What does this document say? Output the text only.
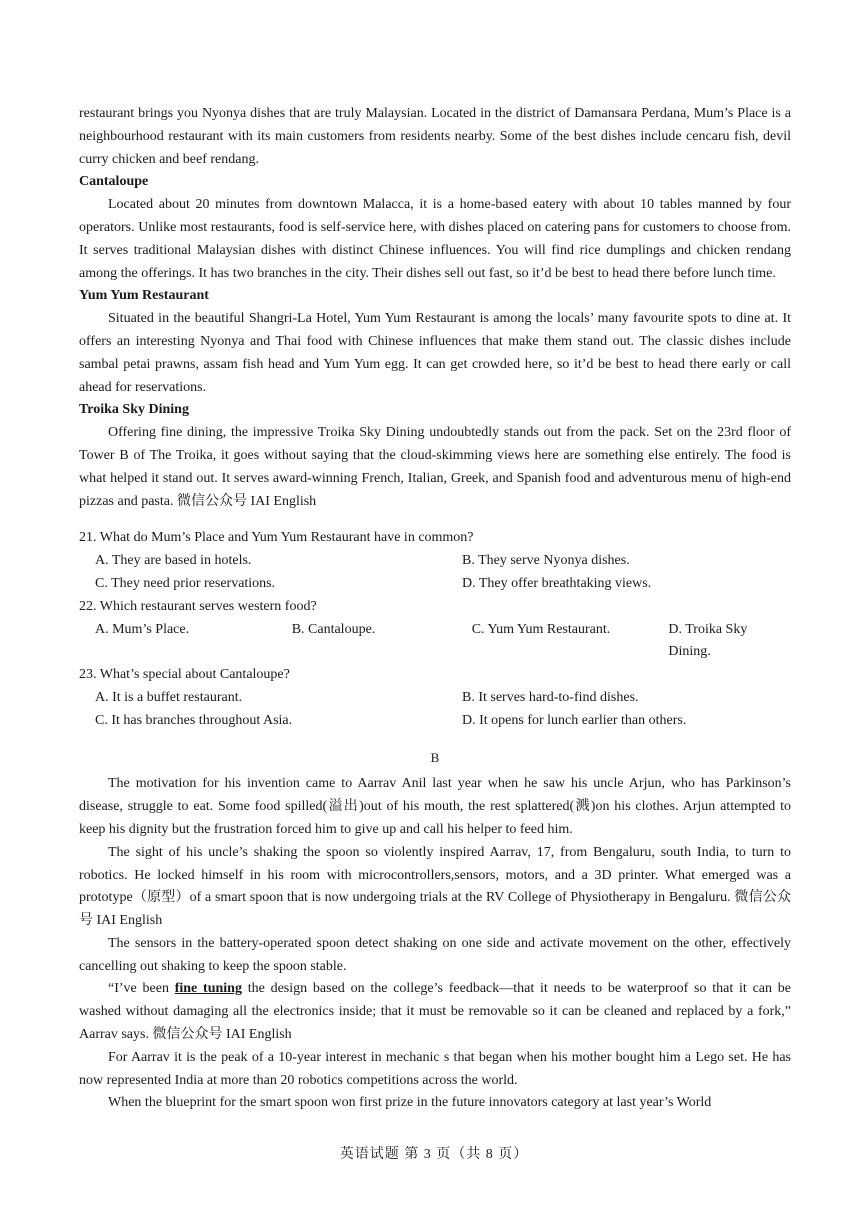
restaurant brings you Nyonya dishes that are truly Malaysian. Located in the district of Damansara Perdana, Mum’s Place is a neighbourhood restaurant with its main customers from residents nearby. Some of the best dishes include cencaru fish, devil curry chicken and beef rendang.

Cantaloupe

Located about 20 minutes from downtown Malacca, it is a home-based eatery with about 10 tables manned by four operators. Unlike most restaurants, food is self-service here, with dishes placed on catering pans for customers to choose from. It serves traditional Malaysian dishes with distinct Chinese influences. You will find rice dumplings and chicken rendang among the offerings. It has two branches in the city. Their dishes sell out fast, so it’d be best to head there before lunch time.

Yum Yum Restaurant

Situated in the beautiful Shangri-La Hotel, Yum Yum Restaurant is among the locals’ many favourite spots to dine at. It offers an interesting Nyonya and Thai food with Chinese influences that make them stand out. The classic dishes include sambal petai prawns, assam fish head and Yum Yum egg. It can get crowded here, so it’d be best to head there early or call ahead for reservations.

Troika Sky Dining

Offering fine dining, the impressive Troika Sky Dining undoubtedly stands out from the pack. Set on the 23rd floor of Tower B of The Troika, it goes without saying that the cloud-skimming views here are something else entirely. The food is what helped it stand out. It serves award-winning French, Italian, Greek, and Spanish food and adventurous menu of high-end pizzas and pasta. 微信公众号 IAI English

21. What do Mum’s Place and Yum Yum Restaurant have in common?
A. They are based in hotels.	B. They serve Nyonya dishes.
C. They need prior reservations.	D. They offer breathtaking views.
22. Which restaurant serves western food?
A. Mum’s Place.	B. Cantaloupe.	C. Yum Yum Restaurant.	D. Troika Sky Dining.
23. What’s special about Cantaloupe?
A. It is a buffet restaurant.	B. It serves hard-to-find dishes.
C. It has branches throughout Asia.	D. It opens for lunch earlier than others.
B

The motivation for his invention came to Aarrav Anil last year when he saw his uncle Arjun, who has Parkinson’s disease, struggle to eat. Some food spilled(溢出)out of his mouth, the rest splattered(溅)on his clothes. Arjun attempted to keep his dignity but the frustration forced him to give up and call his helper to feed him.

The sight of his uncle’s shaking the spoon so violently inspired Aarrav, 17, from Bengaluru, south India, to turn to robotics. He locked himself in his room with microcontrollers,sensors, motors, and a 3D printer. What emerged was a prototype（原型）of a smart spoon that is now undergoing trials at the RV College of Physiotherapy in Bengaluru. 微信公众号 IAI English

The sensors in the battery-operated spoon detect shaking on one side and activate movement on the other, effectively cancelling out shaking to keep the spoon stable.

“I’ve been fine tuning the design based on the college’s feedback—that it needs to be waterproof so that it can be washed without damaging all the electronics inside; that it must be removable so it can be cleaned and replaced by a fork,” Aarrav says. 微信公众号 IAI English

For Aarrav it is the peak of a 10-year interest in mechanic s that began when his mother bought him a Lego set. He has now represented India at more than 20 robotics competitions across the world.

When the blueprint for the smart spoon won first prize in the future innovators category at last year’s World

英语试题 第 3 页（共 8 页）
